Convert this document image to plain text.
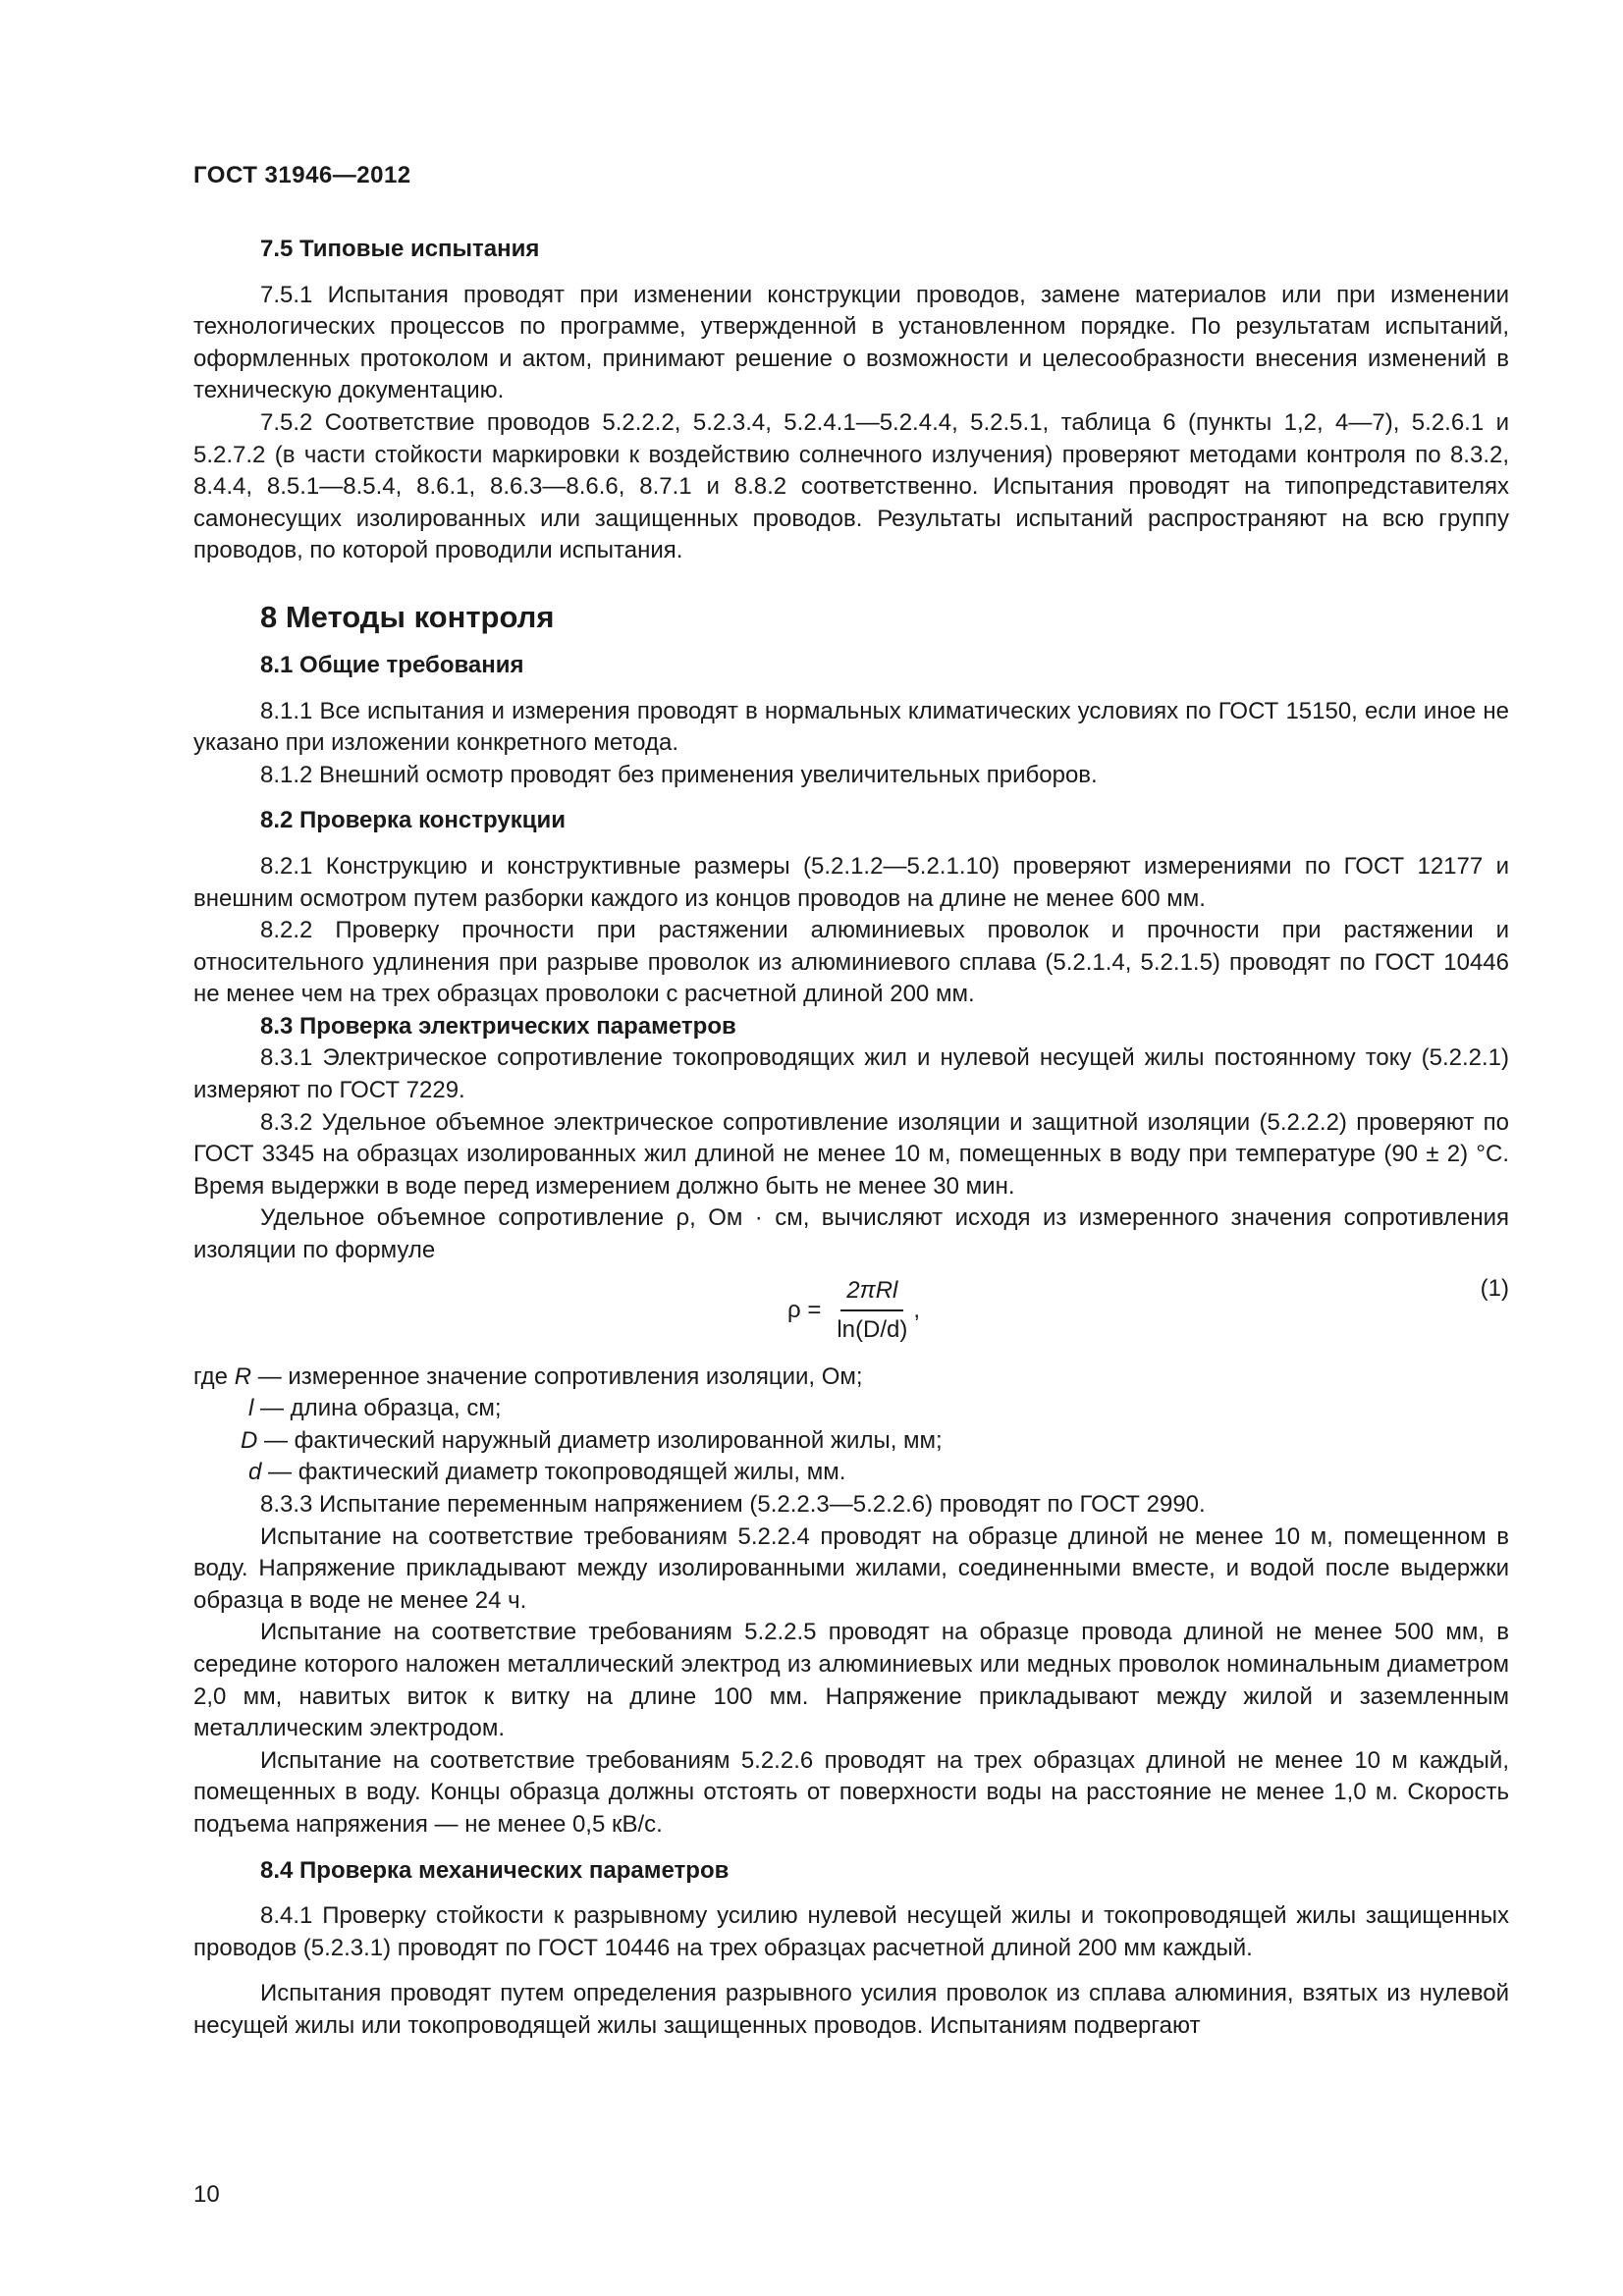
ГОСТ 31946—2012
7.5 Типовые испытания

7.5.1 Испытания проводят при изменении конструкции проводов, замене материалов или при изменении технологических процессов по программе, утвержденной в установленном порядке. По результатам испытаний, оформленных протоколом и актом, принимают решение о возможности и целесообразности внесения изменений в техническую документацию.

7.5.2 Соответствие проводов 5.2.2.2, 5.2.3.4, 5.2.4.1—5.2.4.4, 5.2.5.1, таблица 6 (пункты 1,2, 4—7), 5.2.6.1 и 5.2.7.2 (в части стойкости маркировки к воздействию солнечного излучения) проверяют методами контроля по 8.3.2, 8.4.4, 8.5.1—8.5.4, 8.6.1, 8.6.3—8.6.6, 8.7.1 и 8.8.2 соответственно. Испытания проводят на типопредставителях самонесущих изолированных или защищенных проводов. Результаты испытаний распространяют на всю группу проводов, по которой проводили испытания.

8 Методы контроля
8.1 Общие требования

8.1.1 Все испытания и измерения проводят в нормальных климатических условиях по ГОСТ 15150, если иное не указано при изложении конкретного метода.

8.1.2 Внешний осмотр проводят без применения увеличительных приборов.

8.2 Проверка конструкции

8.2.1 Конструкцию и конструктивные размеры (5.2.1.2—5.2.1.10) проверяют измерениями по ГОСТ 12177 и внешним осмотром путем разборки каждого из концов проводов на длине не менее 600 мм.

8.2.2 Проверку прочности при растяжении алюминиевых проволок и прочности при растяжении и относительного удлинения при разрыве проволок из алюминиевого сплава (5.2.1.4, 5.2.1.5) проводят по ГОСТ 10446 не менее чем на трех образцах проволоки с расчетной длиной 200 мм.

8.3 Проверка электрических параметров

8.3.1 Электрическое сопротивление токопроводящих жил и нулевой несущей жилы постоянному току (5.2.2.1) измеряют по ГОСТ 7229.

8.3.2 Удельное объемное электрическое сопротивление изоляции и защитной изоляции (5.2.2.2) проверяют по ГОСТ 3345 на образцах изолированных жил длиной не менее 10 м, помещенных в воду при температуре (90 ± 2) °С. Время выдержки в воде перед измерением должно быть не менее 30 мин.

Удельное объемное сопротивление ρ, Ом · см, вычисляют исходя из измеренного значения сопротивления изоляции по формуле

$\rho = \frac{\text{2πRl}}{\ln(D/d)}$ ,
(1)

где R — измеренное значение сопротивления изоляции, Ом;

l — длина образца, см;

D — фактический наружный диаметр изолированной жилы, мм;

d — фактический диаметр токопроводящей жилы, мм.

8.3.3 Испытание переменным напряжением (5.2.2.3—5.2.2.6) проводят по ГОСТ 2990.

Испытание на соответствие требованиям 5.2.2.4 проводят на образце длиной не менее 10 м, помещенном в воду. Напряжение прикладывают между изолированными жилами, соединенными вместе, и водой после выдержки образца в воде не менее 24 ч.

Испытание на соответствие требованиям 5.2.2.5 проводят на образце провода длиной не менее 500 мм, в середине которого наложен металлический электрод из алюминиевых или медных проволок номинальным диаметром 2,0 мм, навитых виток к витку на длине 100 мм. Напряжение прикладывают между жилой и заземленным металлическим электродом.

Испытание на соответствие требованиям 5.2.2.6 проводят на трех образцах длиной не менее 10 м каждый, помещенных в воду. Концы образца должны отстоять от поверхности воды на расстояние не менее 1,0 м. Скорость подъема напряжения — не менее 0,5 кВ/с.

8.4 Проверка механических параметров

8.4.1 Проверку стойкости к разрывному усилию нулевой несущей жилы и токопроводящей жилы защищенных проводов (5.2.3.1) проводят по ГОСТ 10446 на трех образцах расчетной длиной 200 мм каждый.

Испытания проводят путем определения разрывного усилия проволок из сплава алюминия, взятых из нулевой несущей жилы или токопроводящей жилы защищенных проводов. Испытаниям подвергают

10
